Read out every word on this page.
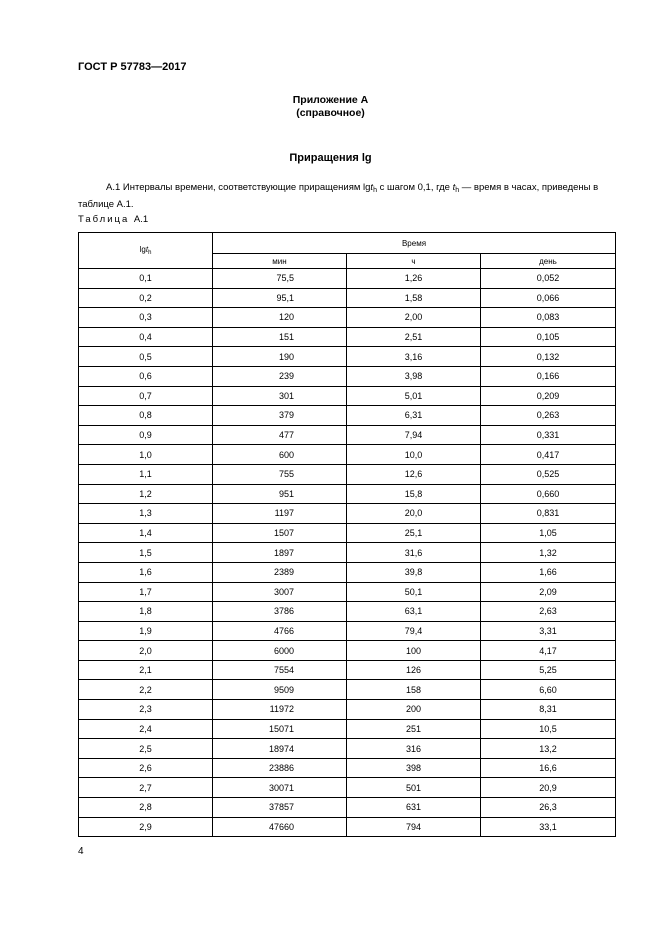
ГОСТ Р 57783—2017
Приложение А
(справочное)
Приращения lg
А.1 Интервалы времени, соответствующие приращениям lgt$_h$ с шагом 0,1, где $t_h$ — время в часах, приведены в таблице А.1.
Таблица А.1
lgt$_h$	Время		
	мин	ч	день
0,1	75,5	1,26	0,052
0,2	95,1	1,58	0,066
0,3	120	2,00	0,083
0,4	151	2,51	0,105
0,5	190	3,16	0,132
0,6	239	3,98	0,166
0,7	301	5,01	0,209
0,8	379	6,31	0,263
0,9	477	7,94	0,331
1,0	600	10,0	0,417
1,1	755	12,6	0,525
1,2	951	15,8	0,660
1,3	1197	20,0	0,831
1,4	1507	25,1	1,05
1,5	1897	31,6	1,32
1,6	2389	39,8	1,66
1,7	3007	50,1	2,09
1,8	3786	63,1	2,63
1,9	4766	79,4	3,31
2,0	6000	100	4,17
2,1	7554	126	5,25
2,2	9509	158	6,60
2,3	11972	200	8,31
2,4	15071	251	10,5
2,5	18974	316	13,2
2,6	23886	398	16,6
2,7	30071	501	20,9
2,8	37857	631	26,3
2,9	47660	794	33,1
4
